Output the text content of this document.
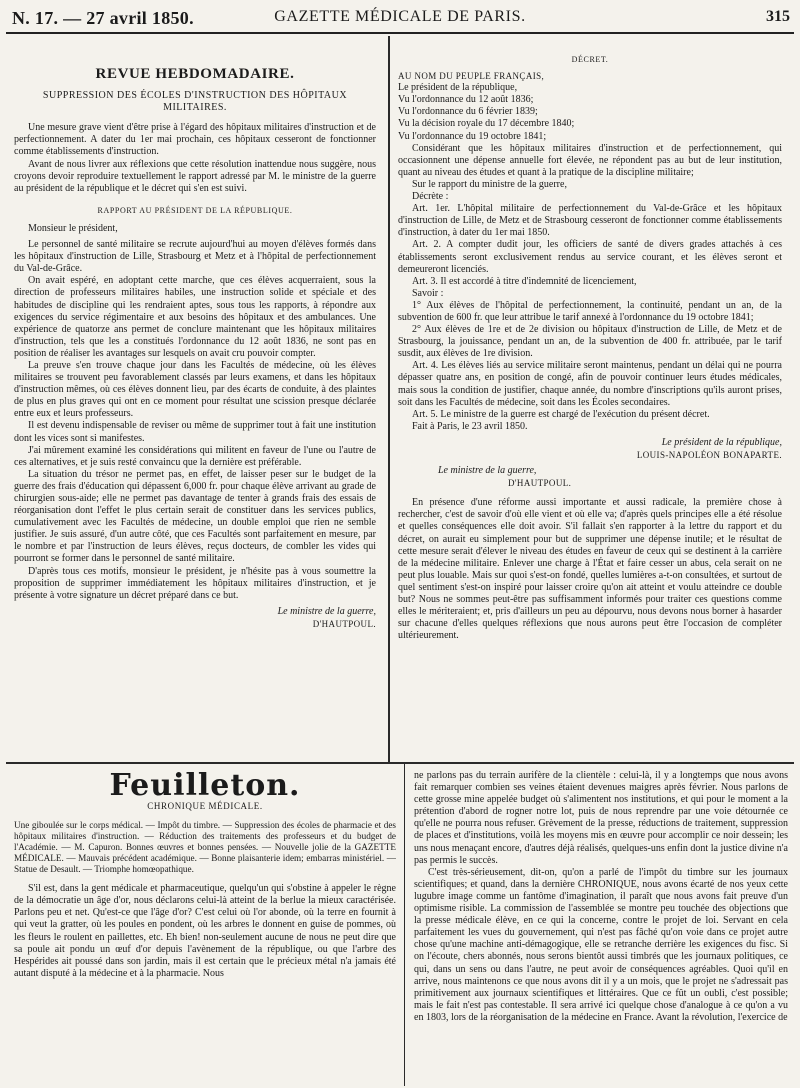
N. 17. — 27 avril 1850.	GAZETTE MÉDICALE DE PARIS.	315
REVUE HEBDOMADAIRE.
SUPPRESSION DES ÉCOLES D'INSTRUCTION DES HÔPITAUX MILITAIRES.

Une mesure grave vient d'être prise à l'égard des hôpitaux militaires d'instruction et de perfectionnement. A dater du 1er mai prochain, ces hôpitaux cesseront de fonctionner comme établissements d'instruction.

Avant de nous livrer aux réflexions que cette résolution inattendue nous suggère, nous croyons devoir reproduire textuellement le rapport adressé par M. le ministre de la guerre au président de la république et le décret qui s'en est suivi.

RAPPORT AU PRÉSIDENT DE LA RÉPUBLIQUE.

Monsieur le président,

Le personnel de santé militaire se recrute aujourd'hui au moyen d'élèves formés dans les hôpitaux d'instruction de Lille, Strasbourg et Metz et à l'hôpital de perfectionnement du Val-de-Grâce.

On avait espéré, en adoptant cette marche, que ces élèves acquerraient, sous la direction de professeurs militaires habiles, une instruction solide et spéciale et des habitudes de discipline qui les rendraient aptes, sous tous les rapports, à répondre aux exigences du service régimentaire et aux besoins des hôpitaux et des ambulances. Une expérience de quatorze ans permet de conclure maintenant que les hôpitaux militaires d'instruction, tels que les a constitués l'ordonnance du 12 août 1836, ne sont pas en position de réaliser les avantages sur lesquels on avait cru pouvoir compter.

La preuve s'en trouve chaque jour dans les Facultés de médecine, où les élèves militaires se trouvent peu favorablement classés par leurs examens, et dans les hôpitaux d'instruction mêmes, où ces élèves donnent lieu, par des écarts de conduite, à des plaintes de plus en plus graves qui ont en ce moment pour résultat une scission presque déclarée entre eux et leurs professeurs.

Il est devenu indispensable de reviser ou même de supprimer tout à fait une institution dont les vices sont si manifestes.

J'ai mûrement examiné les considérations qui militent en faveur de l'une ou l'autre de ces alternatives, et je suis resté convaincu que la dernière est préférable.

La situation du trésor ne permet pas, en effet, de laisser peser sur le budget de la guerre des frais d'éducation qui dépassent 6,000 fr. pour chaque élève arrivant au grade de chirurgien sous-aide; elle ne permet pas davantage de tenter à grands frais des essais de réorganisation dont l'effet le plus certain serait de constituer dans les services publics, cumulativement avec les Facultés de médecine, un double emploi que rien ne semble justifier. Je suis assuré, d'un autre côté, que ces Facultés sont parfaitement en mesure, par le nombre et par l'instruction de leurs élèves, reçus docteurs, de combler les vides qui pourront se former dans le personnel de santé militaire.

D'après tous ces motifs, monsieur le président, je n'hésite pas à vous soumettre la proposition de supprimer immédiatement les hôpitaux militaires d'instruction, et je présente à votre signature un décret préparé dans ce but.

Le ministre de la guerre,

D'HAUTPOUL.

DÉCRET.

AU NOM DU PEUPLE FRANÇAIS,

Le président de la république,

Vu l'ordonnance du 12 août 1836;

Vu l'ordonnance du 6 février 1839;

Vu la décision royale du 17 décembre 1840;

Vu l'ordonnance du 19 octobre 1841;

Considérant que les hôpitaux militaires d'instruction et de perfectionnement, qui occasionnent une dépense annuelle fort élevée, ne répondent pas au but de leur institution, quant au niveau des études et quant à la pratique de la discipline militaire;

Sur le rapport du ministre de la guerre,

Décrète :

Art. 1er. L'hôpital militaire de perfectionnement du Val-de-Grâce et les hôpitaux d'instruction de Lille, de Metz et de Strasbourg cesseront de fonctionner comme établissements d'instruction, à dater du 1er mai 1850.

Art. 2. A compter dudit jour, les officiers de santé de divers grades attachés à ces établissements seront exclusivement rendus au service courant, et les élèves seront et demeureront licenciés.

Art. 3. Il est accordé à titre d'indemnité de licenciement,

Savoir :

1° Aux élèves de l'hôpital de perfectionnement, la continuité, pendant un an, de la subvention de 600 fr. que leur attribue le tarif annexé à l'ordonnance du 19 octobre 1841;

2° Aux élèves de 1re et de 2e division ou hôpitaux d'instruction de Lille, de Metz et de Strasbourg, la jouissance, pendant un an, de la subvention de 400 fr. attribuée, par le tarif susdit, aux élèves de 1re division.

Art. 4. Les élèves liés au service militaire seront maintenus, pendant un délai qui ne pourra dépasser quatre ans, en position de congé, afin de pouvoir continuer leurs études médicales, mais sous la condition de justifier, chaque année, du nombre d'inscriptions qu'ils auront prises, soit dans les Facultés de médecine, soit dans les Écoles secondaires.

Art. 5. Le ministre de la guerre est chargé de l'exécution du présent décret.

Fait à Paris, le 23 avril 1850.

Le président de la république,

LOUIS-NAPOLÉON BONAPARTE.

Le ministre de la guerre,

D'HAUTPOUL.

En présence d'une réforme aussi importante et aussi radicale, la première chose à rechercher, c'est de savoir d'où elle vient et où elle va; d'après quels principes elle a été résolue et quelles conséquences elle doit avoir. S'il fallait s'en rapporter à la lettre du rapport et du décret, on aurait eu simplement pour but de supprimer une dépense inutile; et le résultat de cette mesure serait d'élever le niveau des études en faveur de ceux qui se destinent à la carrière de la médecine militaire. Enlever une charge à l'État et faire cesser un abus, cela serait on ne peut plus louable. Mais sur quoi s'est-on fondé, quelles lumières a-t-on consultées, et surtout de quel sentiment s'est-on inspiré pour laisser croire qu'on ait atteint et voulu atteindre ce double but? Nous ne sommes peut-être pas suffisamment informés pour traiter ces questions comme elles le mériteraient; et, pris d'ailleurs un peu au dépourvu, nous devons nous borner à hasarder sur chacune d'elles quelques réflexions que nous aurons peut être l'occasion de compléter ultérieurement.

Feuilleton.
CHRONIQUE MÉDICALE.

Une giboulée sur le corps médical. — Impôt du timbre. — Suppression des écoles de pharmacie et des hôpitaux militaires d'instruction. — Réduction des traitements des professeurs et du budget de l'Académie. — M. Capuron. Bonnes œuvres et bonnes pensées. — Nouvelle jolie de la GAZETTE MÉDICALE. — Mauvais précédent académique. — Bonne plaisanterie idem; embarras ministériel. — Statue de Desault. — Triomphe homœopathique.

S'il est, dans la gent médicale et pharmaceutique, quelqu'un qui s'obstine à appeler le règne de la démocratie un âge d'or, nous déclarons celui-là atteint de la berlue la mieux caractérisée. Parlons peu et net. Qu'est-ce que l'âge d'or? C'est celui où l'or abonde, où la terre en fournit à qui veut la gratter, où les poules en pondent, où les arbres le donnent en guise de pommes, où les fleurs le roulent en paillettes, etc. Eh bien! non-seulement aucune de nous ne peut dire que sa poule ait pondu un œuf d'or depuis l'avènement de la république, ou que l'arbre des Hespérides ait poussé dans son jardin, mais il est certain que le précieux métal n'a jamais été autant disputé à la médecine et à la pharmacie. Nous

ne parlons pas du terrain aurifère de la clientèle : celui-là, il y a longtemps que nous avons fait remarquer combien ses veines étaient devenues maigres après février. Nous parlons de cette grosse mine appelée budget où s'alimentent nos institutions, et qui pour le moment a la prétention d'abord de rogner notre lot, puis de nous reprendre par une voie détournée ce qu'elle ne pourra nous refuser. Grèvement de la presse, réductions de traitement, suppression de places et d'institutions, voilà les moyens mis en œuvre pour accomplir ce noir dessein; les uns nous menaçant encore, d'autres déjà réalisés, quelques-uns enfin dont la justice divine n'a pas permis le succès.

C'est très-sérieusement, dit-on, qu'on a parlé de l'impôt du timbre sur les journaux scientifiques; et quand, dans la dernière CHRONIQUE, nous avons écarté de nos yeux cette lugubre image comme un fantôme d'imagination, il paraît que nous avons fait preuve d'un optimisme risible. La commission de l'assemblée se montre peu touchée des objections que la presse médicale élève, en ce qui la concerne, contre le projet de loi. Servant en cela parfaitement les vues du gouvernement, qui n'est pas fâché qu'on voie dans ce projet autre chose qu'une machine anti-démagogique, elle se retranche derrière les exigences du fisc. Si on l'écoute, chers abonnés, nous serons bientôt aussi timbrés que les journaux politiques, ce qui, dans un sens ou dans l'autre, ne peut avoir de conséquences agréables. Quoi qu'il en arrive, nous maintenons ce que nous avons dit il y a un mois, que le projet ne s'adressait pas primitivement aux journaux scientifiques et littéraires. Que ce fût un oubli, c'est possible; mais le fait n'est pas contestable. Il sera arrivé ici quelque chose d'analogue à ce qu'on a vu en 1803, lors de la réorganisation de la médecine en France. Avant la révolution, l'exercice de
